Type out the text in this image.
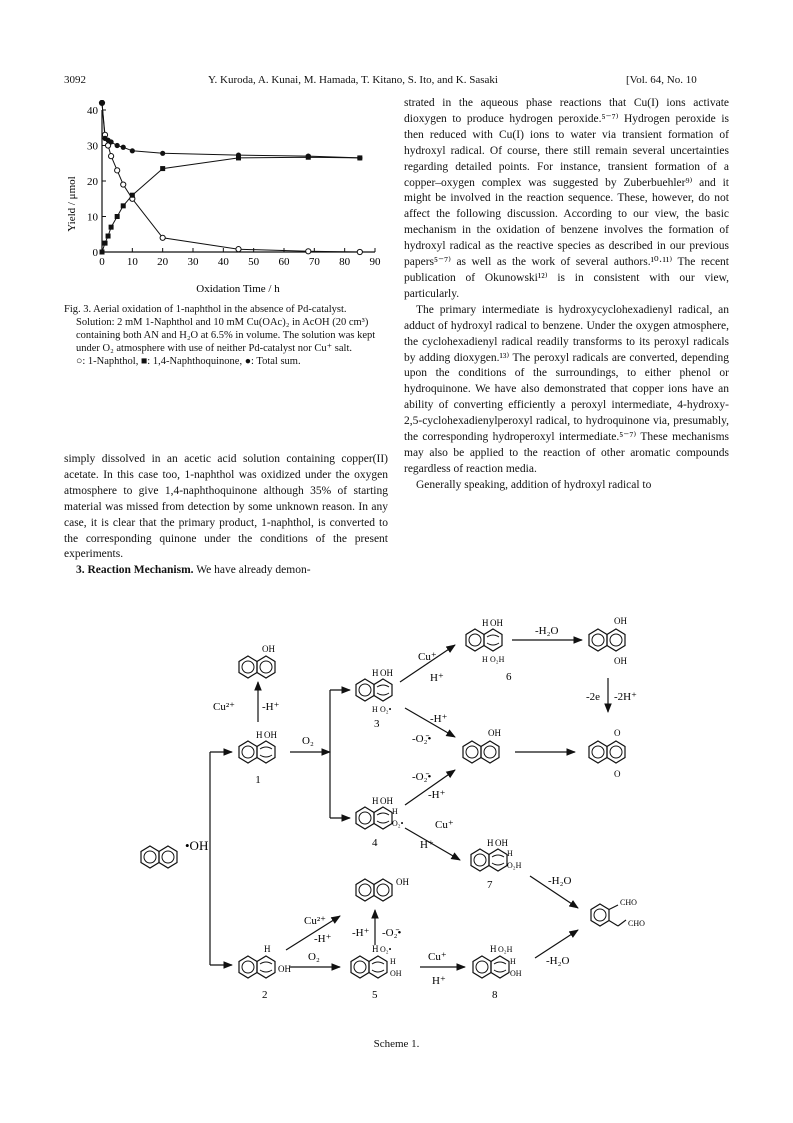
3092	Y. Kuroda, A. Kunai, M. Hamada, T. Kitano, S. Ito, and K. Sasaki	[Vol. 64, No. 10
0 10 20 30 40 50 60 70 80 90
0
10
20
30
40
Yield / μmol
Oxidation Time / h

Fig. 3. Aerial oxidation of 1-naphthol in the absence of Pd-catalyst.

Solution: 2 mM 1-Naphthol and 10 mM Cu(OAc)₂ in AcOH (20 cm³) containing both AN and H₂O at 6.5% in volume. The solution was kept under O₂ atmosphere with use of neither Pd-catalyst nor Cu⁺ salt.

○: 1-Naphthol, ■: 1,4-Naphthoquinone, ●: Total sum.

simply dissolved in an acetic acid solution containing copper(II) acetate. In this case too, 1-naphthol was oxidized under the oxygen atmosphere to give 1,4-naphthoquinone although 35% of starting material was missed from detection by some unknown reason. In any case, it is clear that the primary product, 1-naphthol, is converted to the corresponding quinone under the conditions of the present experiments.

3. Reaction Mechanism. We have already demon-

strated in the aqueous phase reactions that Cu(I) ions activate dioxygen to produce hydrogen peroxide.⁵⁻⁷⁾ Hydrogen peroxide is then reduced with Cu(I) ions to water via transient formation of hydroxyl radical. Of course, there still remain several uncertainties regarding detailed points. For instance, transient formation of a copper–oxygen complex was suggested by Zuberbuehler⁹⁾ and it might be involved in the reaction sequence. These, however, do not affect the following discussion. According to our view, the basic mechanism in the oxidation of benzene involves the formation of hydroxyl radical as the reactive species as described in our previous papers⁵⁻⁷⁾ as well as the work of several authors.¹⁰·¹¹⁾ The recent publication of Okunowski¹²⁾ is in consistent with our view, particularly.

The primary intermediate is hydroxycyclohexadienyl radical, an adduct of hydroxyl radical to benzene. Under the oxygen atmosphere, the cyclohexadienyl radical readily transforms to its peroxyl radicals by adding dioxygen.¹³⁾ The peroxyl radicals are converted, depending upon the conditions of the surroundings, to either phenol or hydroquinone. We have also demonstrated that copper ions have an ability of converting efficiently a peroxyl intermediate, 4-hydroxy-2,5-cyclohexadienylperoxyl radical, to hydroquinone via, presumably, the corresponding hydroperoxyl intermediate.⁵⁻⁷⁾ These mechanisms may also be applied to the reaction of other aromatic compounds regardless of reaction media.

Generally speaking, addition of hydroxyl radical to

•OH
H OH
1
Cu²⁺ -H⁺
OH
O₂
H OH
H O₂•
3
Cu⁺
H⁺
H OH
H O₂H
6
-H₂O
OH
OH
-2e -2H⁺
-H⁺
-O₂̄•
-O₂̄•
-H⁺
OH	O
O
H OH
H
O₂•
4
Cu⁺
H⁺	H OH
H
O₂H
7	-H₂O
CHO
CHO
H
OH
2
Cu²⁺
-H⁺
OH
-H⁺ -O₂̄•
O₂
H O₂•
H
OH
5
Cu⁺
H⁺
H O₂H
H
OH
8
-H₂O
Scheme 1.
